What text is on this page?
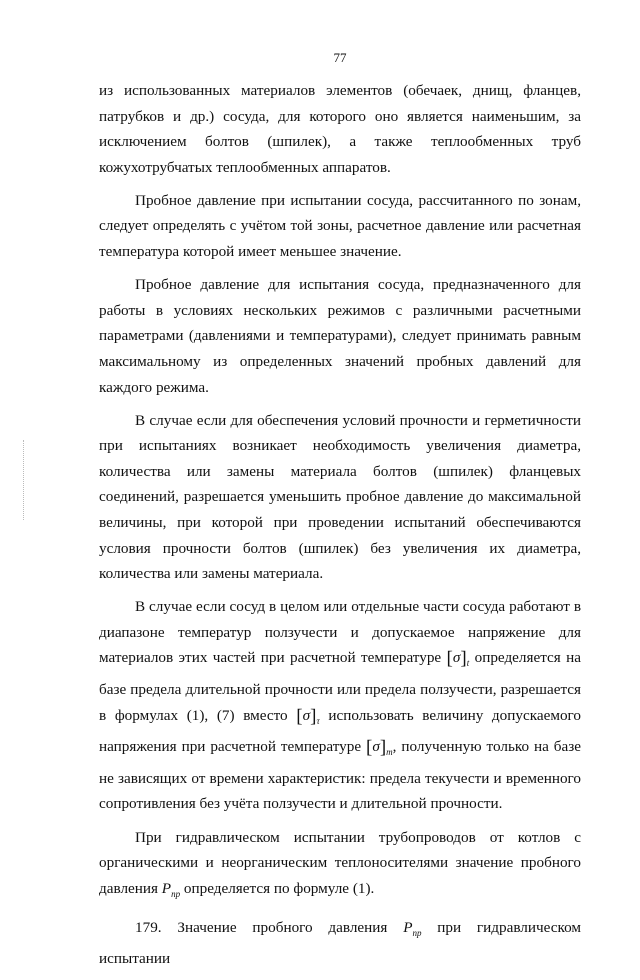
77

из использованных материалов элементов (обечаек, днищ, фланцев, патрубков и др.) сосуда, для которого оно является наименьшим, за исключением болтов (шпилек), а также теплообменных труб кожухотрубчатых теплообменных аппаратов.

Пробное давление при испытании сосуда, рассчитанного по зонам, следует определять с учётом той зоны, расчетное давление или расчетная температура которой имеет меньшее значение.

Пробное давление для испытания сосуда, предназначенного для работы в условиях нескольких режимов с различными расчетными параметрами (давлениями и температурами), следует принимать равным максимальному из определенных значений пробных давлений для каждого режима.

В случае если для обеспечения условий прочности и герметичности при испытаниях возникает необходимость увеличения диаметра, количества или замены материала болтов (шпилек) фланцевых соединений, разрешается уменьшить пробное давление до максимальной величины, при которой при проведении испытаний обеспечиваются условия прочности болтов (шпилек) без увеличения их диаметра, количества или замены материала.

В случае если сосуд в целом или отдельные части сосуда работают в диапазоне температур ползучести и допускаемое напряжение для материалов этих частей при расчетной температуре $[\sigma]_t$ определяется на базе предела длительной прочности или предела ползучести, разрешается в формулах (1), (7) вместо $[\sigma]_\tau$ использовать величину допускаемого напряжения при расчетной температуре $[\sigma]_т$, полученную только на базе не зависящих от времени характеристик: предела текучести и временного сопротивления без учёта ползучести и длительной прочности.

При гидравлическом испытании трубопроводов от котлов с органическими и неорганическим теплоносителями значение пробного давления $P_{пр}$ определяется по формуле (1).

179. Значение пробного давления $P_{пр}$ при гидравлическом испытании
